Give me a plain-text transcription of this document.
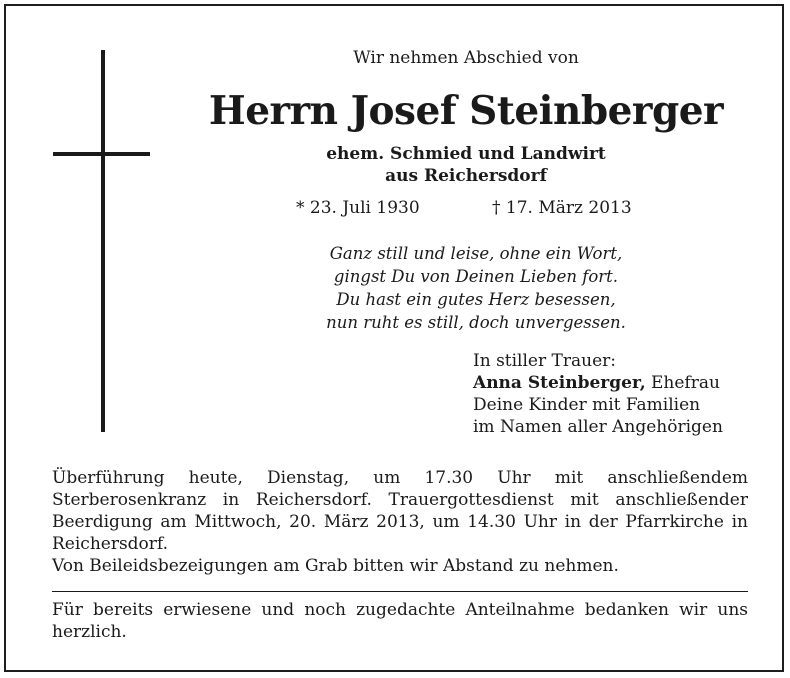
Wir nehmen Abschied von
Herrn Josef Steinberger
ehem. Schmied und Landwirt
aus Reichersdorf
* 23. Juli 1930	† 17. März 2013
Ganz still und leise, ohne ein Wort,
gingst Du von Deinen Lieben fort.
Du hast ein gutes Herz besessen,
nun ruht es still, doch unvergessen.
In stiller Trauer:
Anna Steinberger, Ehefrau
Deine Kinder mit Familien
im Namen aller Angehörigen
Überführung heute, Dienstag, um 17.30 Uhr mit anschließendem Sterberosenkranz in Reichersdorf. Trauergottesdienst mit anschließender Beerdigung am Mittwoch, 20. März 2013, um 14.30 Uhr in der Pfarrkirche in Reichersdorf.
Von Beileidsbezeigungen am Grab bitten wir Abstand zu nehmen.
Für bereits erwiesene und noch zugedachte Anteilnahme bedanken wir uns herzlich.
